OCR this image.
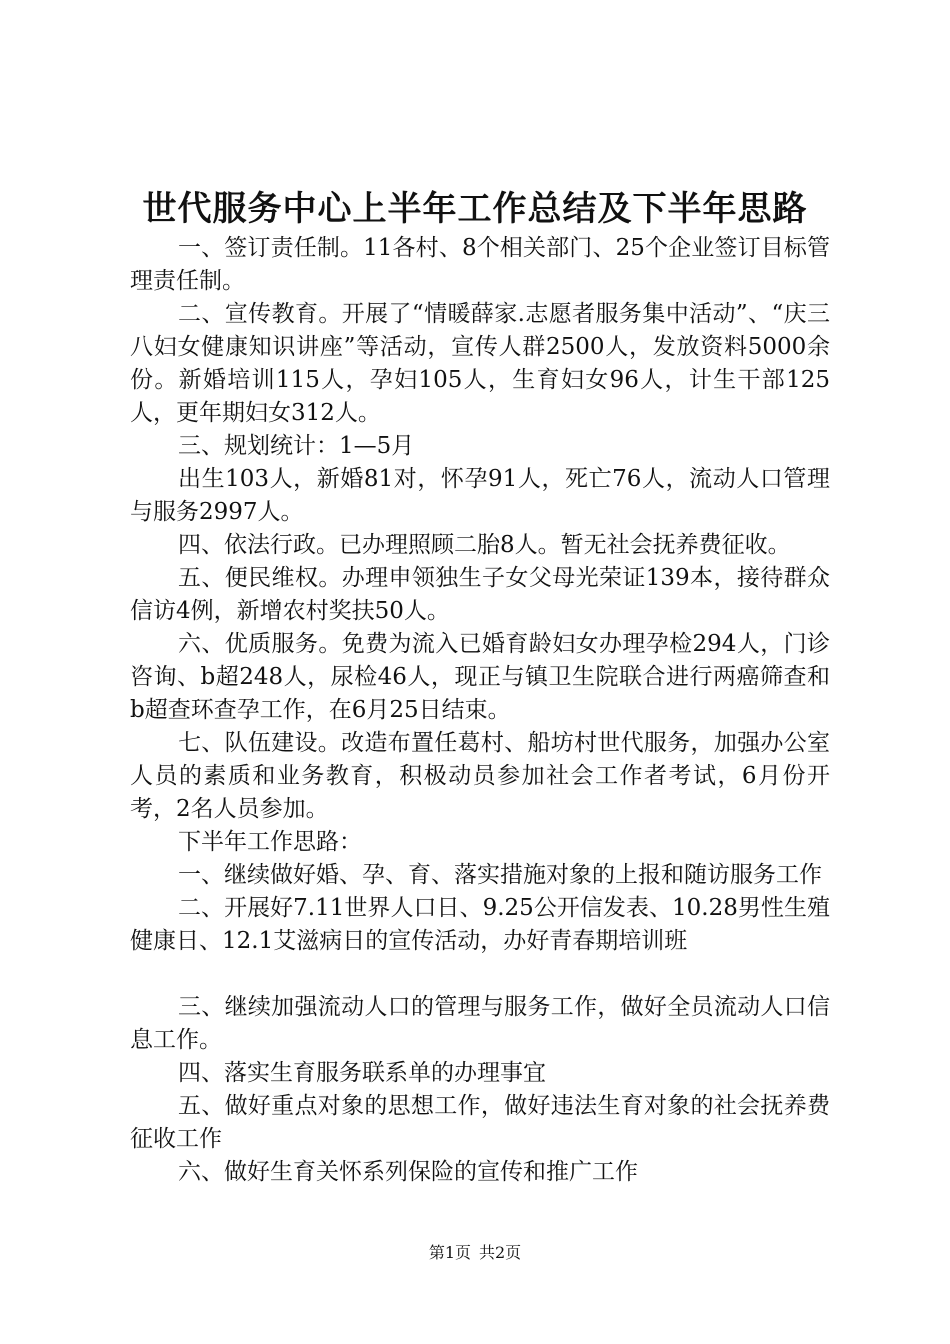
世代服务中心上半年工作总结及下半年思路

一、签订责任制。11各村、8个相关部门、25个企业签订目标管理责任制。

二、宣传教育。开展了“情暖薛家.志愿者服务集中活动”、“庆三八妇女健康知识讲座”等活动，宣传人群2500人，发放资料5000余份。新婚培训115人，孕妇105人，生育妇女96人，计生干部125人，更年期妇女312人。

三、规划统计：1—5月

出生103人，新婚81对，怀孕91人，死亡76人，流动人口管理与服务2997人。

四、依法行政。已办理照顾二胎8人。暂无社会抚养费征收。

五、便民维权。办理申领独生子女父母光荣证139本，接待群众信访4例，新增农村奖扶50人。

六、优质服务。免费为流入已婚育龄妇女办理孕检294人，门诊咨询、b超248人，尿检46人，现正与镇卫生院联合进行两癌筛查和b超查环查孕工作，在6月25日结束。

七、队伍建设。改造布置任葛村、船坊村世代服务，加强办公室人员的素质和业务教育，积极动员参加社会工作者考试，6月份开考，2名人员参加。

下半年工作思路：

一、继续做好婚、孕、育、落实措施对象的上报和随访服务工作

二、开展好7.11世界人口日、9.25公开信发表、10.28男性生殖健康日、12.1艾滋病日的宣传活动，办好青春期培训班

三、继续加强流动人口的管理与服务工作，做好全员流动人口信息工作。

四、落实生育服务联系单的办理事宜

五、做好重点对象的思想工作，做好违法生育对象的社会抚养费征收工作

六、做好生育关怀系列保险的宣传和推广工作

第1页 共2页
